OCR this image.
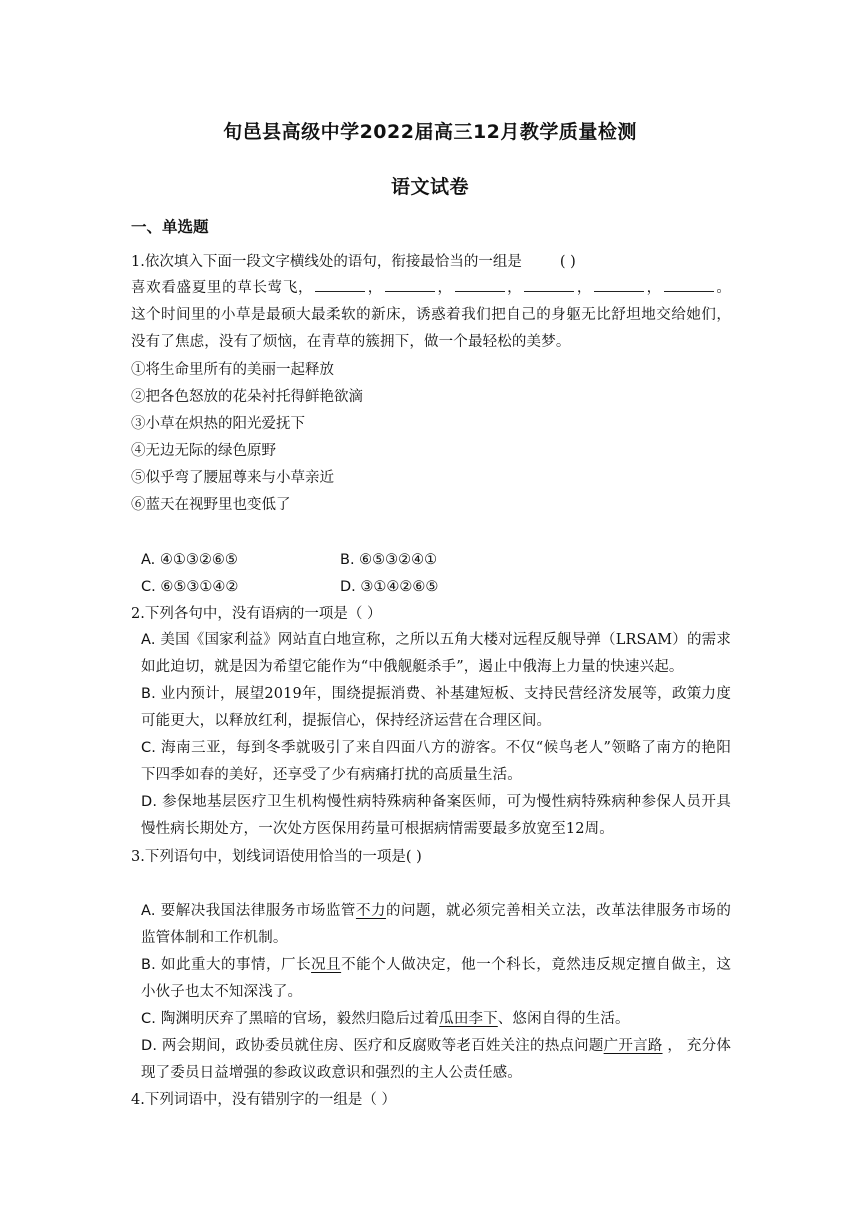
旬邑县高级中学2022届高三12月教学质量检测
语文试卷
一、单选题
1.依次填入下面一段文字横线处的语句，衔接最恰当的一组是	( )
喜欢看盛夏里的草长莺飞，	，	，	，	，	，	。这个时间里的小草是最硕大最柔软的新床，诱惑着我们把自己的身躯无比舒坦地交给她们，没有了焦虑，没有了烦恼，在青草的簇拥下，做一个最轻松的美梦。
①将生命里所有的美丽一起释放
②把各色怒放的花朵衬托得鲜艳欲滴
③小草在炽热的阳光爱抚下
④无边无际的绿色原野
⑤似乎弯了腰屈尊来与小草亲近
⑥蓝天在视野里也变低了
A. ④①③②⑥⑤	B. ⑥⑤③②④①
C. ⑥⑤③①④②	D. ③①④②⑥⑤
2.下列各句中，没有语病的一项是（ ）
A. 美国《国家利益》网站直白地宣称，之所以五角大楼对远程反舰导弹（LRSAM）的需求如此迫切，就是因为希望它能作为“中俄舰艇杀手”，遏止中俄海上力量的快速兴起。
B. 业内预计，展望2019年，围绕提振消费、补基建短板、支持民营经济发展等，政策力度可能更大，以释放红利，提振信心，保持经济运营在合理区间。
C. 海南三亚，每到冬季就吸引了来自四面八方的游客。不仅“候鸟老人”领略了南方的艳阳下四季如春的美好，还享受了少有病痛打扰的高质量生活。
D. 参保地基层医疗卫生机构慢性病特殊病种备案医师，可为慢性病特殊病种参保人员开具慢性病长期处方，一次处方医保用药量可根据病情需要最多放宽至12周。
3.下列语句中，划线词语使用恰当的一项是( )
A. 要解决我国法律服务市场监管不力的问题，就必须完善相关立法，改革法律服务市场的监管体制和工作机制。
B. 如此重大的事情，厂长况且不能个人做决定，他一个科长，竟然违反规定擅自做主，这小伙子也太不知深浅了。
C. 陶渊明厌弃了黑暗的官场，毅然归隐后过着瓜田李下、悠闲自得的生活。
D. 两会期间，政协委员就住房、医疗和反腐败等老百姓关注的热点问题广开言路 ， 充分体现了委员日益增强的参政议政意识和强烈的主人公责任感。
4.下列词语中，没有错别字的一组是（ ）
